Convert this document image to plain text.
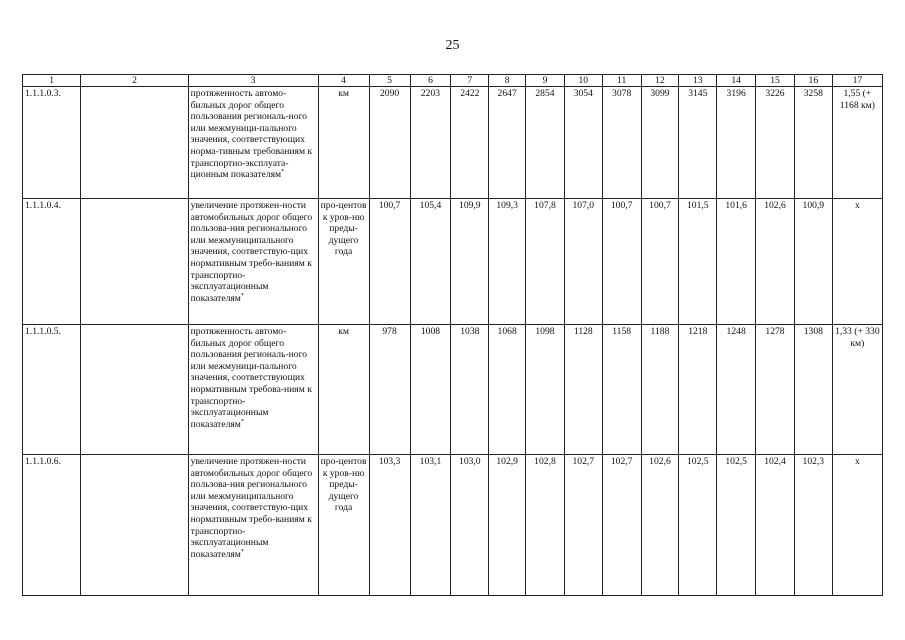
25
1	2	3	4	5	6	7	8	9	10	11	12	13	14	15	16	17
1.1.1.0.3.		протяженность автомо-бильных дорог общего пользования региональ-ного или межмуници-пального значения, соответствующих норма-тивным требованиям к транспортно-эксплуата-ционным показателям*	км	2090	2203	2422	2647	2854	3054	3078	3099	3145	3196	3226	3258	1,55 (+ 1168 км)
1.1.1.0.4.		увеличение протяжен-ности автомобильных дорог общего пользова-ния регионального или межмуниципального значения, соответствую-щих нормативным требо-ваниям к транспортно-эксплуатационным показателям*	про-центов к уров-ню преды-дущего года	100,7	105,4	109,9	109,3	107,8	107,0	100,7	100,7	101,5	101,6	102,6	100,9	х
1.1.1.0.5.		протяженность автомо-бильных дорог общего пользования региональ-ного или межмуници-пального значения, соответствующих нормативным требова-ниям к транспортно-эксплуатационным показателям*	км	978	1008	1038	1068	1098	1128	1158	1188	1218	1248	1278	1308	1,33 (+ 330 км)
1.1.1.0.6.		увеличение протяжен-ности автомобильных дорог общего пользова-ния регионального или межмуниципального значения, соответствую-щих нормативным требо-ваниям к транспортно-эксплуатационным показателям*	про-центов к уров-ню преды-дущего года	103,3	103,1	103,0	102,9	102,8	102,7	102,7	102,6	102,5	102,5	102,4	102,3	х
